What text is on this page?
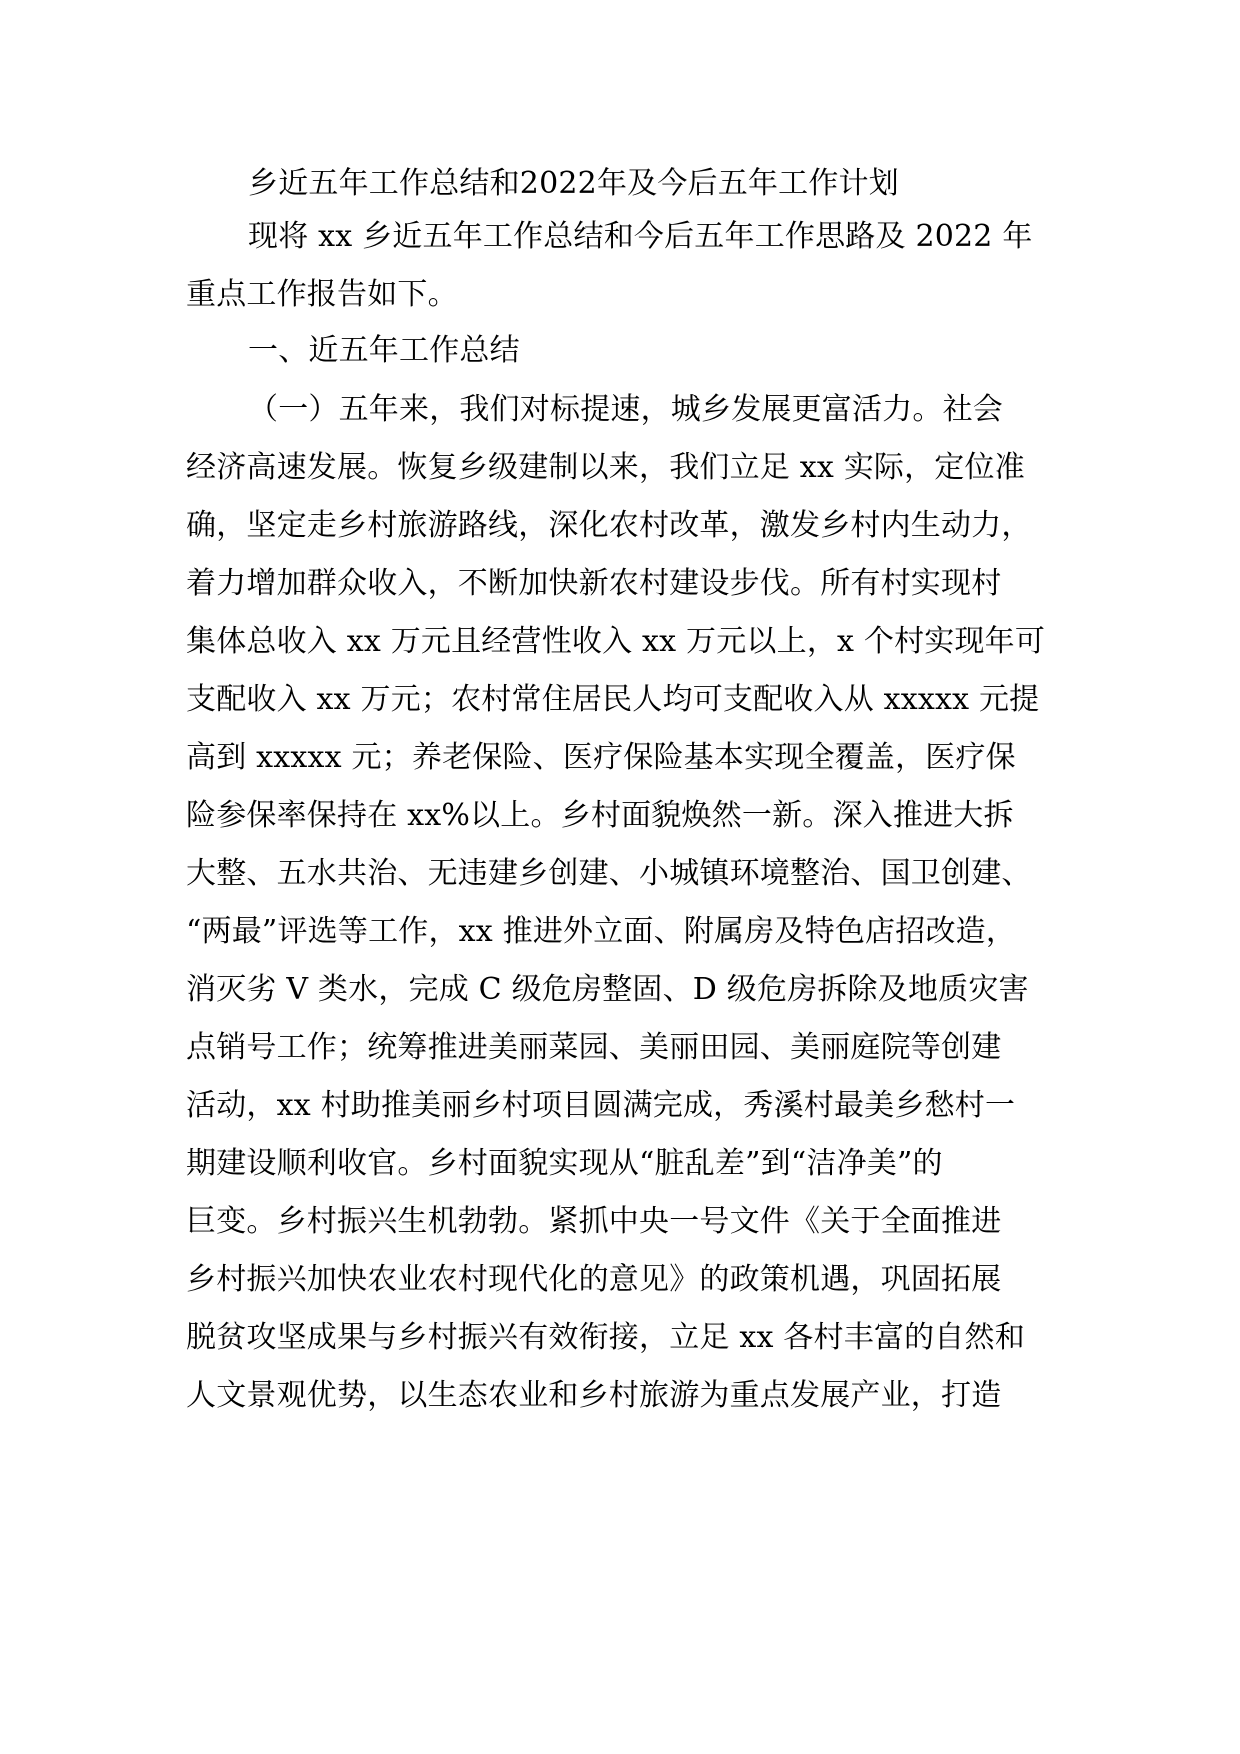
乡近五年工作总结和2022年及今后五年工作计划
现将 xx 乡近五年工作总结和今后五年工作思路及 2022 年
重点工作报告如下。
一、近五年工作总结
（一）五年来，我们对标提速，城乡发展更富活力。社会
经济高速发展。恢复乡级建制以来，我们立足 xx 实际，定位准
确，坚定走乡村旅游路线，深化农村改革，激发乡村内生动力，
着力增加群众收入，不断加快新农村建设步伐。所有村实现村
集体总收入 xx 万元且经营性收入 xx 万元以上，x 个村实现年可
支配收入 xx 万元；农村常住居民人均可支配收入从 xxxxx 元提
高到 xxxxx 元；养老保险、医疗保险基本实现全覆盖，医疗保
险参保率保持在 xx%以上。乡村面貌焕然一新。深入推进大拆
大整、五水共治、无违建乡创建、小城镇环境整治、国卫创建、
“两最”评选等工作，xx 推进外立面、附属房及特色店招改造，
消灭劣 V 类水，完成 C 级危房整固、D 级危房拆除及地质灾害
点销号工作；统筹推进美丽菜园、美丽田园、美丽庭院等创建
活动，xx 村助推美丽乡村项目圆满完成，秀溪村最美乡愁村一
期建设顺利收官。乡村面貌实现从“脏乱差”到“洁净美”的
巨变。乡村振兴生机勃勃。紧抓中央一号文件《关于全面推进
乡村振兴加快农业农村现代化的意见》的政策机遇，巩固拓展
脱贫攻坚成果与乡村振兴有效衔接，立足 xx 各村丰富的自然和
人文景观优势，以生态农业和乡村旅游为重点发展产业，打造
